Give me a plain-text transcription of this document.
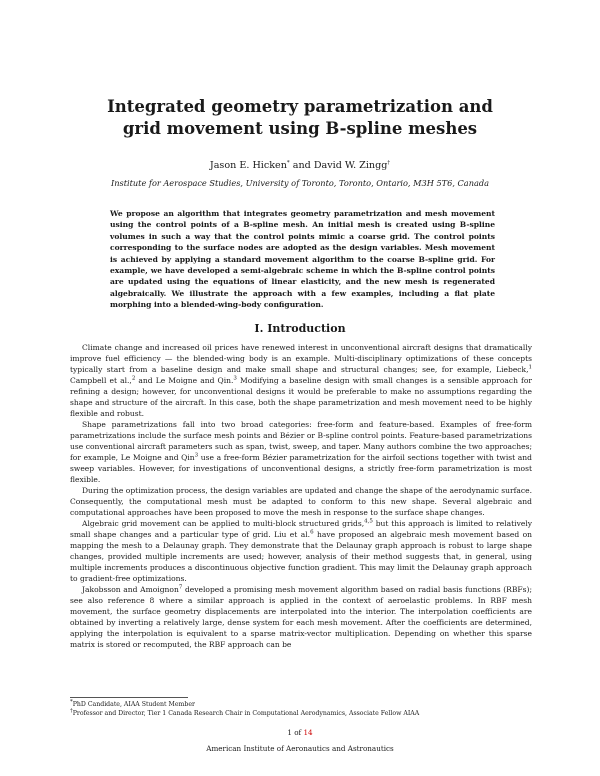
Integrated geometry parametrization and
grid movement using B-spline meshes
Jason E. Hicken* and David W. Zingg†
Institute for Aerospace Studies, University of Toronto, Toronto, Ontario, M3H 5T6, Canada
We propose an algorithm that integrates geometry parametrization and mesh movement using the control points of a B-spline mesh. An initial mesh is created using B-spline volumes in such a way that the control points mimic a coarse grid. The control points corresponding to the surface nodes are adopted as the design variables. Mesh movement is achieved by applying a standard movement algorithm to the coarse B-spline grid. For example, we have developed a semi-algebraic scheme in which the B-spline control points are updated using the equations of linear elasticity, and the new mesh is regenerated algebraically. We illustrate the approach with a few examples, including a flat plate morphing into a blended-wing-body configuration.
I. Introduction

Climate change and increased oil prices have renewed interest in unconventional aircraft designs that dramatically improve fuel efficiency — the blended-wing body is an example. Multi-disciplinary optimizations of these concepts typically start from a baseline design and make small shape and structural changes; see, for example, Liebeck,$^1$ Campbell et al.,$^2$ and Le Moigne and Qin.$^3$ Modifying a baseline design with small changes is a sensible approach for refining a design; however, for unconventional designs it would be preferable to make no assumptions regarding the shape and structure of the aircraft. In this case, both the shape parametrization and mesh movement need to be highly flexible and robust.

Shape parametrizations fall into two broad categories: free-form and feature-based. Examples of free-form parametrizations include the surface mesh points and Bézier or B-spline control points. Feature-based parametrizations use conventional aircraft parameters such as span, twist, sweep, and taper. Many authors combine the two approaches; for example, Le Moigne and Qin$^3$ use a free-form Bézier parametrization for the airfoil sections together with twist and sweep variables. However, for investigations of unconventional designs, a strictly free-form parametrization is most flexible.

During the optimization process, the design variables are updated and change the shape of the aerodynamic surface. Consequently, the computational mesh must be adapted to conform to this new shape. Several algebraic and computational approaches have been proposed to move the mesh in response to the surface shape changes.

Algebraic grid movement can be applied to multi-block structured grids,$^{4,5}$ but this approach is limited to relatively small shape changes and a particular type of grid. Liu et al.$^6$ have proposed an algebraic mesh movement based on mapping the mesh to a Delaunay graph. They demonstrate that the Delaunay graph approach is robust to large shape changes, provided multiple increments are used; however, analysis of their method suggests that, in general, using multiple increments produces a discontinuous objective function gradient. This may limit the Delaunay graph approach to gradient-free optimizations.

Jakobsson and Amoignon$^7$ developed a promising mesh movement algorithm based on radial basis functions (RBFs); see also reference 8 where a similar approach is applied in the context of aeroelastic problems. In RBF mesh movement, the surface geometry displacements are interpolated into the interior. The interpolation coefficients are obtained by inverting a relatively large, dense system for each mesh movement. After the coefficients are determined, applying the interpolation is equivalent to a sparse matrix-vector multiplication. Depending on whether this sparse matrix is stored or recomputed, the RBF approach can be

*PhD Candidate, AIAA Student Member
†Professor and Director, Tier 1 Canada Research Chair in Computational Aerodynamics, Associate Fellow AIAA
1 of 14
American Institute of Aeronautics and Astronautics
